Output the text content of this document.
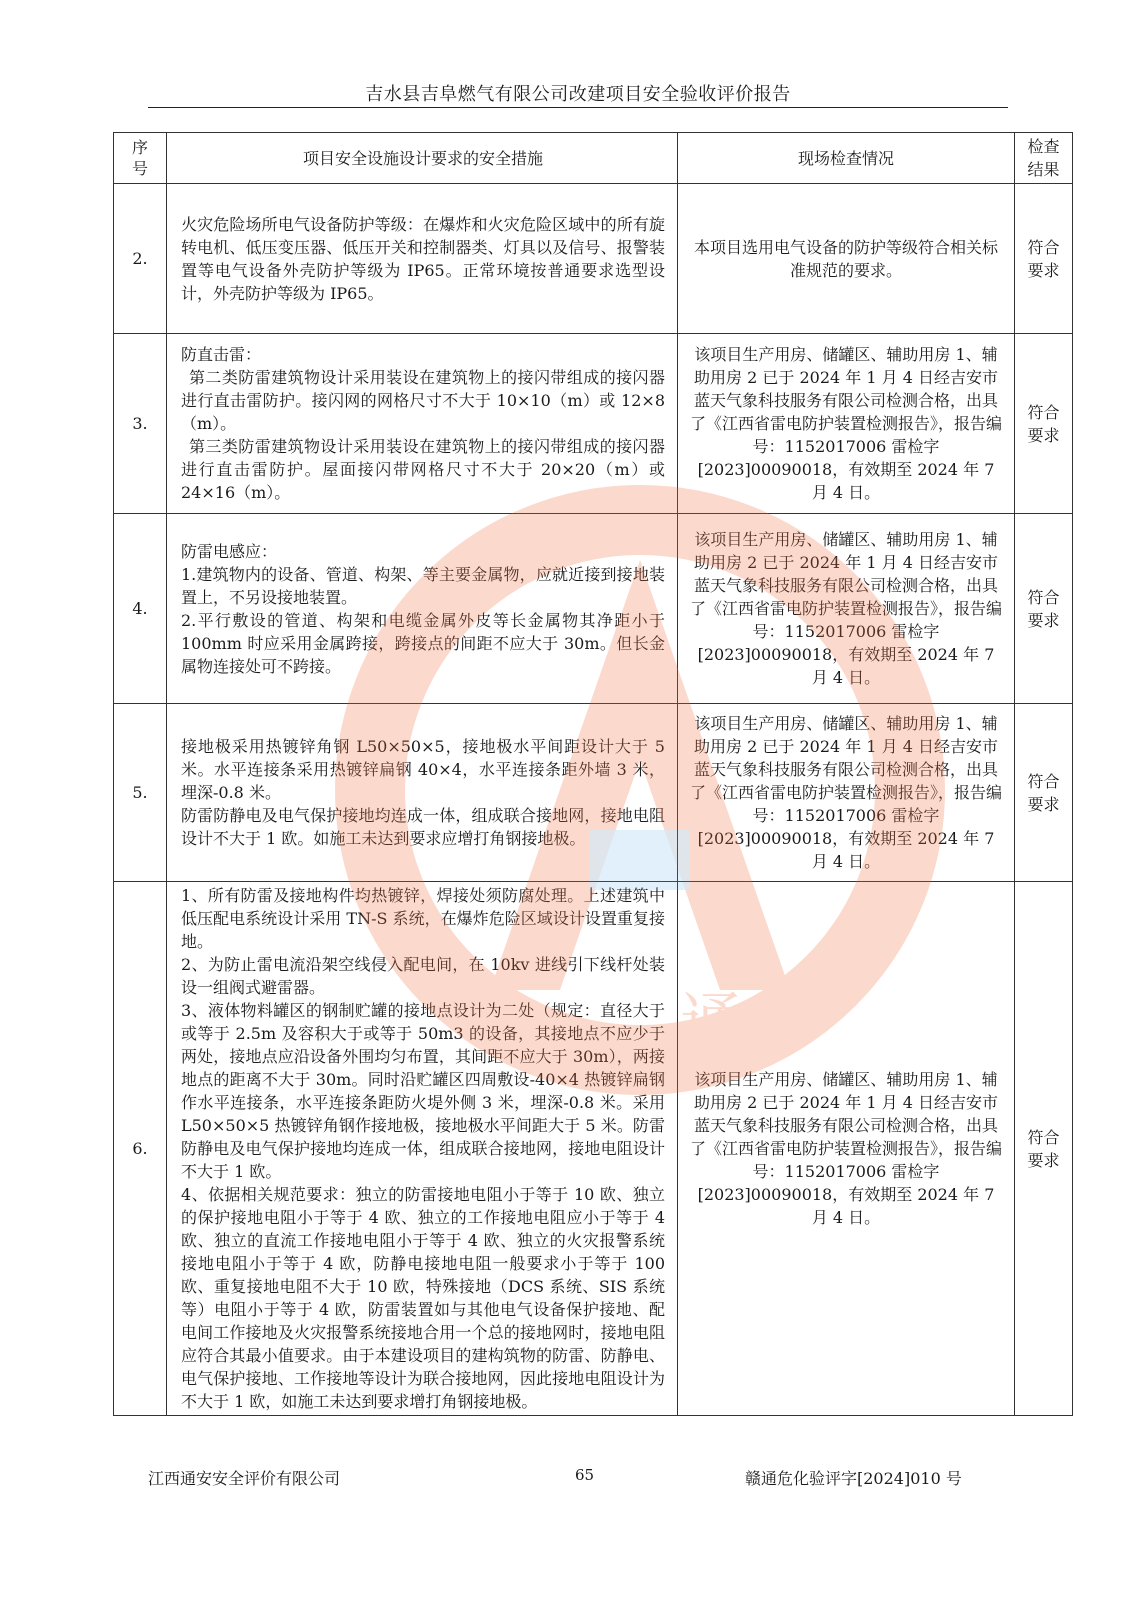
吉水县吉阜燃气有限公司改建项目安全验收评价报告
序
号	项目安全设施设计要求的安全措施	现场检查情况	检查
结果
2.	火灾危险场所电气设备防护等级：在爆炸和火灾危险区域中的所有旋转电机、低压变压器、低压开关和控制器类、灯具以及信号、报警装置等电气设备外壳防护等级为 IP65。正常环境按普通要求选型设计，外壳防护等级为 IP65。	本项目选用电气设备的防护等级符合相关标准规范的要求。	符合
要求
3.	防直击雷：
第二类防雷建筑物设计采用装设在建筑物上的接闪带组成的接闪器进行直击雷防护。接闪网的网格尺寸不大于 10×10（m）或 12×8（m）。
第三类防雷建筑物设计采用装设在建筑物上的接闪带组成的接闪器进行直击雷防护。屋面接闪带网格尺寸不大于 20×20（m）或 24×16（m）。	该项目生产用房、储罐区、辅助用房 1、辅助用房 2 已于 2024 年 1 月 4 日经吉安市蓝天气象科技服务有限公司检测合格，出具了《江西省雷电防护装置检测报告》，报告编号：1152017006 雷检字[2023]00090018，有效期至 2024 年 7 月 4 日。	符合
要求
4.	防雷电感应：
1.建筑物内的设备、管道、构架、等主要金属物，应就近接到接地装置上，不另设接地装置。
2.平行敷设的管道、构架和电缆金属外皮等长金属物其净距小于 100mm 时应采用金属跨接，跨接点的间距不应大于 30m。但长金属物连接处可不跨接。	该项目生产用房、储罐区、辅助用房 1、辅助用房 2 已于 2024 年 1 月 4 日经吉安市蓝天气象科技服务有限公司检测合格，出具了《江西省雷电防护装置检测报告》，报告编号：1152017006 雷检字[2023]00090018，有效期至 2024 年 7 月 4 日。	符合
要求
5.	接地极采用热镀锌角钢 L50×50×5，接地极水平间距设计大于 5 米。水平连接条采用热镀锌扁钢 40×4，水平连接条距外墙 3 米，埋深-0.8 米。
防雷防静电及电气保护接地均连成一体，组成联合接地网，接地电阻设计不大于 1 欧。如施工未达到要求应增打角钢接地极。	该项目生产用房、储罐区、辅助用房 1、辅助用房 2 已于 2024 年 1 月 4 日经吉安市蓝天气象科技服务有限公司检测合格，出具了《江西省雷电防护装置检测报告》，报告编号：1152017006 雷检字[2023]00090018，有效期至 2024 年 7 月 4 日。	符合
要求
6.	1、所有防雷及接地构件均热镀锌，焊接处须防腐处理。上述建筑中低压配电系统设计采用 TN-S 系统，在爆炸危险区域设计设置重复接地。
2、为防止雷电流沿架空线侵入配电间，在 10kv 进线引下线杆处装设一组阀式避雷器。
3、液体物料罐区的钢制贮罐的接地点设计为二处（规定：直径大于或等于 2.5m 及容积大于或等于 50m3 的设备，其接地点不应少于两处，接地点应沿设备外围均匀布置，其间距不应大于 30m），两接地点的距离不大于 30m。同时沿贮罐区四周敷设-40×4 热镀锌扁钢作水平连接条，水平连接条距防火堤外侧 3 米，埋深-0.8 米。采用 L50×50×5 热镀锌角钢作接地极，接地极水平间距大于 5 米。防雷防静电及电气保护接地均连成一体，组成联合接地网，接地电阻设计不大于 1 欧。
4、依据相关规范要求：独立的防雷接地电阻小于等于 10 欧、独立的保护接地电阻小于等于 4 欧、独立的工作接地电阻应小于等于 4 欧、独立的直流工作接地电阻小于等于 4 欧、独立的火灾报警系统接地电阻小于等于 4 欧，防静电接地电阻一般要求小于等于 100 欧、重复接地电阻不大于 10 欧，特殊接地（DCS 系统、SIS 系统等）电阻小于等于 4 欧，防雷装置如与其他电气设备保护接地、配电间工作接地及火灾报警系统接地合用一个总的接地网时，接地电阻应符合其最小值要求。由于本建设项目的建构筑物的防雷、防静电、电气保护接地、工作接地等设计为联合接地网，因此接地电阻设计为不大于 1 欧，如施工未达到要求增打角钢接地极。	该项目生产用房、储罐区、辅助用房 1、辅助用房 2 已于 2024 年 1 月 4 日经吉安市蓝天气象科技服务有限公司检测合格，出具了《江西省雷电防护装置检测报告》，报告编号：1152017006 雷检字[2023]00090018，有效期至 2024 年 7 月 4 日。	符合
要求
通安
江西通安安全评价有限公司	65	赣通危化验评字[2024]010 号
